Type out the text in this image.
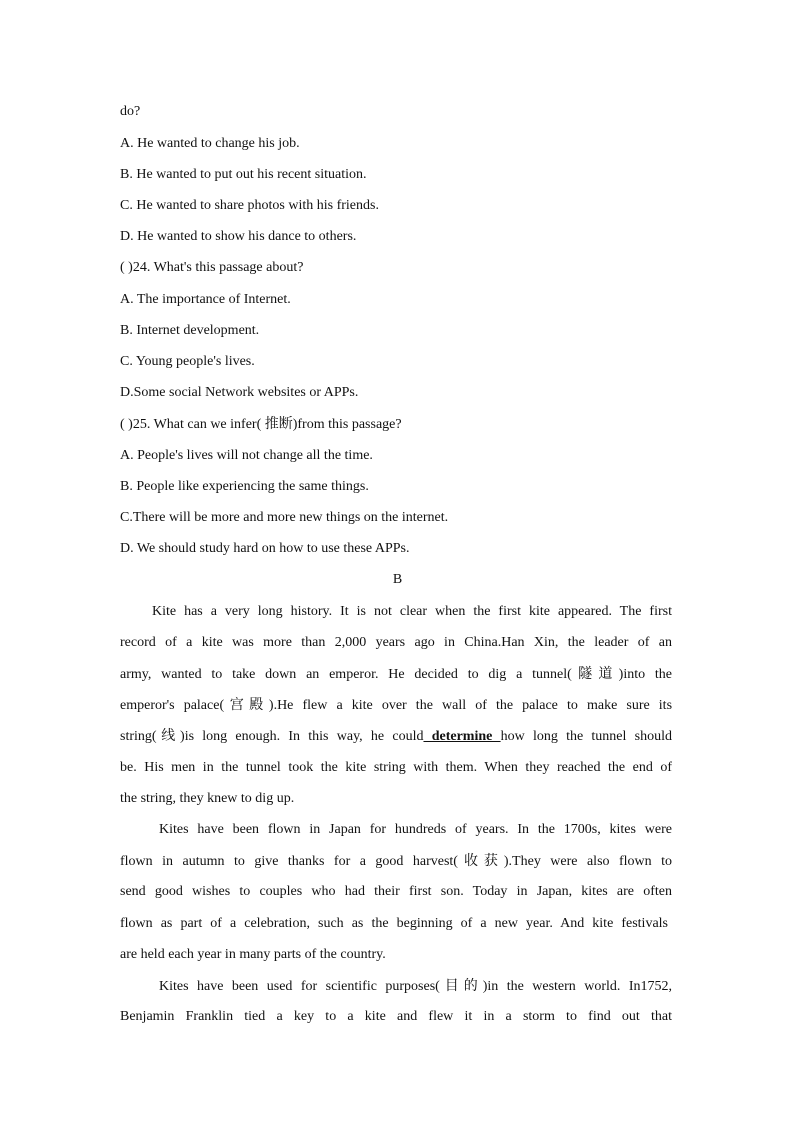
do?
A. He wanted to change his job.
B. He wanted to put out his recent situation.
C. He wanted to share photos with his friends.
D. He wanted to show his dance to others.
( )24. What's this passage about?
A. The importance of Internet.
B. Internet development.
C. Young people's lives.
D.Some social Network websites or APPs.
( )25. What can we infer( 推断)from this passage?
A. People's lives will not change all the time.
B. People like experiencing the same things.
C.There will be more and more new things on the internet.
D. We should study hard on how to use these APPs.
B
Kite has a very long history. It is not clear when the first kite appeared. The first
record of a kite was more than 2,000 years ago in China.Han Xin, the leader of an
army, wanted to take down an emperor. He decided to dig a tunnel(隧道)into the
emperor's palace(宫殿).He flew a kite over the wall of the palace to make sure its
string(线)is long enough. In this way, he could determine how long the tunnel should
be. His men in the tunnel took the kite string with them. When they reached the end of
the string, they knew to dig up.
Kites have been flown in Japan for hundreds of years. In the 1700s, kites were
flown in autumn to give thanks for a good harvest(收获).They were also flown to
send good wishes to couples who had their first son. Today in Japan, kites are often
flown as part of a celebration, such as the beginning of a new year. And kite festivals
are held each year in many parts of the country.
Kites have been used for scientific purposes(目的)in the western world. In1752,
Benjamin Franklin tied a key to a kite and flew it in a storm to find out that
